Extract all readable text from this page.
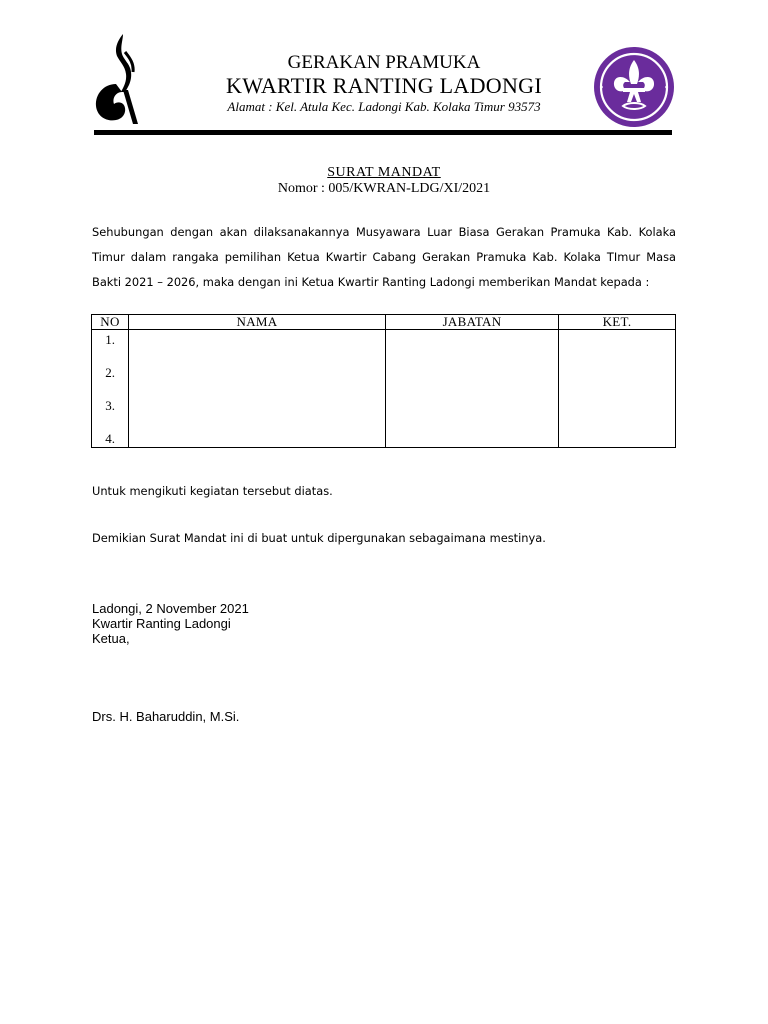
GERAKAN PRAMUKA
KWARTIR RANTING LADONGI
Alamat : Kel. Atula Kec. Ladongi Kab. Kolaka Timur 93573
SURAT MANDAT
Nomor : 005/KWRAN-LDG/XI/2021
Sehubungan dengan akan dilaksanakannya Musyawara Luar Biasa Gerakan Pramuka Kab. Kolaka Timur dalam rangaka pemilihan Ketua Kwartir Cabang Gerakan Pramuka Kab. Kolaka TImur Masa Bakti 2021 – 2026, maka dengan ini Ketua Kwartir Ranting Ladongi memberikan Mandat kepada :
NO	NAMA	JABATAN	KET.
1.			
2.			
3.			
4.			
Untuk mengikuti kegiatan tersebut diatas.
Demikian Surat Mandat ini di buat untuk dipergunakan sebagaimana mestinya.
Ladongi, 2 November 2021
Kwartir Ranting Ladongi
Ketua,
Drs. H. Baharuddin, M.Si.
